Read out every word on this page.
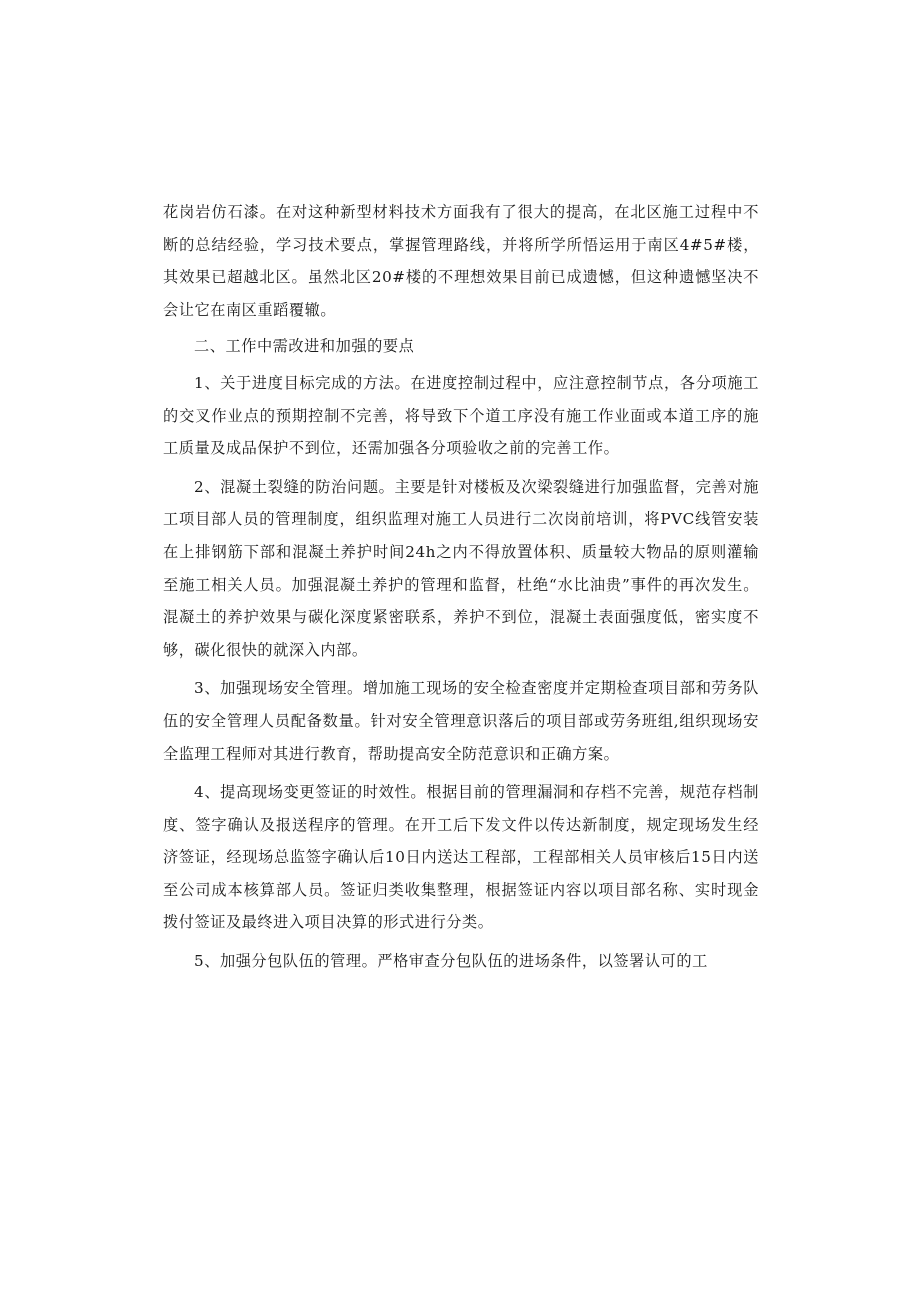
花岗岩仿石漆。在对这种新型材料技术方面我有了很大的提高，在北区施工过程中不断的总结经验，学习技术要点，掌握管理路线，并将所学所悟运用于南区4#5#楼，其效果已超越北区。虽然北区20#楼的不理想效果目前已成遗憾，但这种遗憾坚决不会让它在南区重蹈覆辙。

二、工作中需改进和加强的要点

1、关于进度目标完成的方法。在进度控制过程中，应注意控制节点，各分项施工的交叉作业点的预期控制不完善，将导致下个道工序没有施工作业面或本道工序的施工质量及成品保护不到位，还需加强各分项验收之前的完善工作。

2、混凝土裂缝的防治问题。主要是针对楼板及次梁裂缝进行加强监督，完善对施工项目部人员的管理制度，组织监理对施工人员进行二次岗前培训，将PVC线管安装在上排钢筋下部和混凝土养护时间24h之内不得放置体积、质量较大物品的原则灌输至施工相关人员。加强混凝土养护的管理和监督，杜绝“水比油贵”事件的再次发生。混凝土的养护效果与碳化深度紧密联系，养护不到位，混凝土表面强度低，密实度不够，碳化很快的就深入内部。

3、加强现场安全管理。增加施工现场的安全检查密度并定期检查项目部和劳务队伍的安全管理人员配备数量。针对安全管理意识落后的项目部或劳务班组,组织现场安全监理工程师对其进行教育，帮助提高安全防范意识和正确方案。

4、提高现场变更签证的时效性。根据目前的管理漏洞和存档不完善，规范存档制度、签字确认及报送程序的管理。在开工后下发文件以传达新制度，规定现场发生经济签证，经现场总监签字确认后10日内送达工程部，工程部相关人员审核后15日内送至公司成本核算部人员。签证归类收集整理，根据签证内容以项目部名称、实时现金拨付签证及最终进入项目决算的形式进行分类。

5、加强分包队伍的管理。严格审查分包队伍的进场条件，以签署认可的工
